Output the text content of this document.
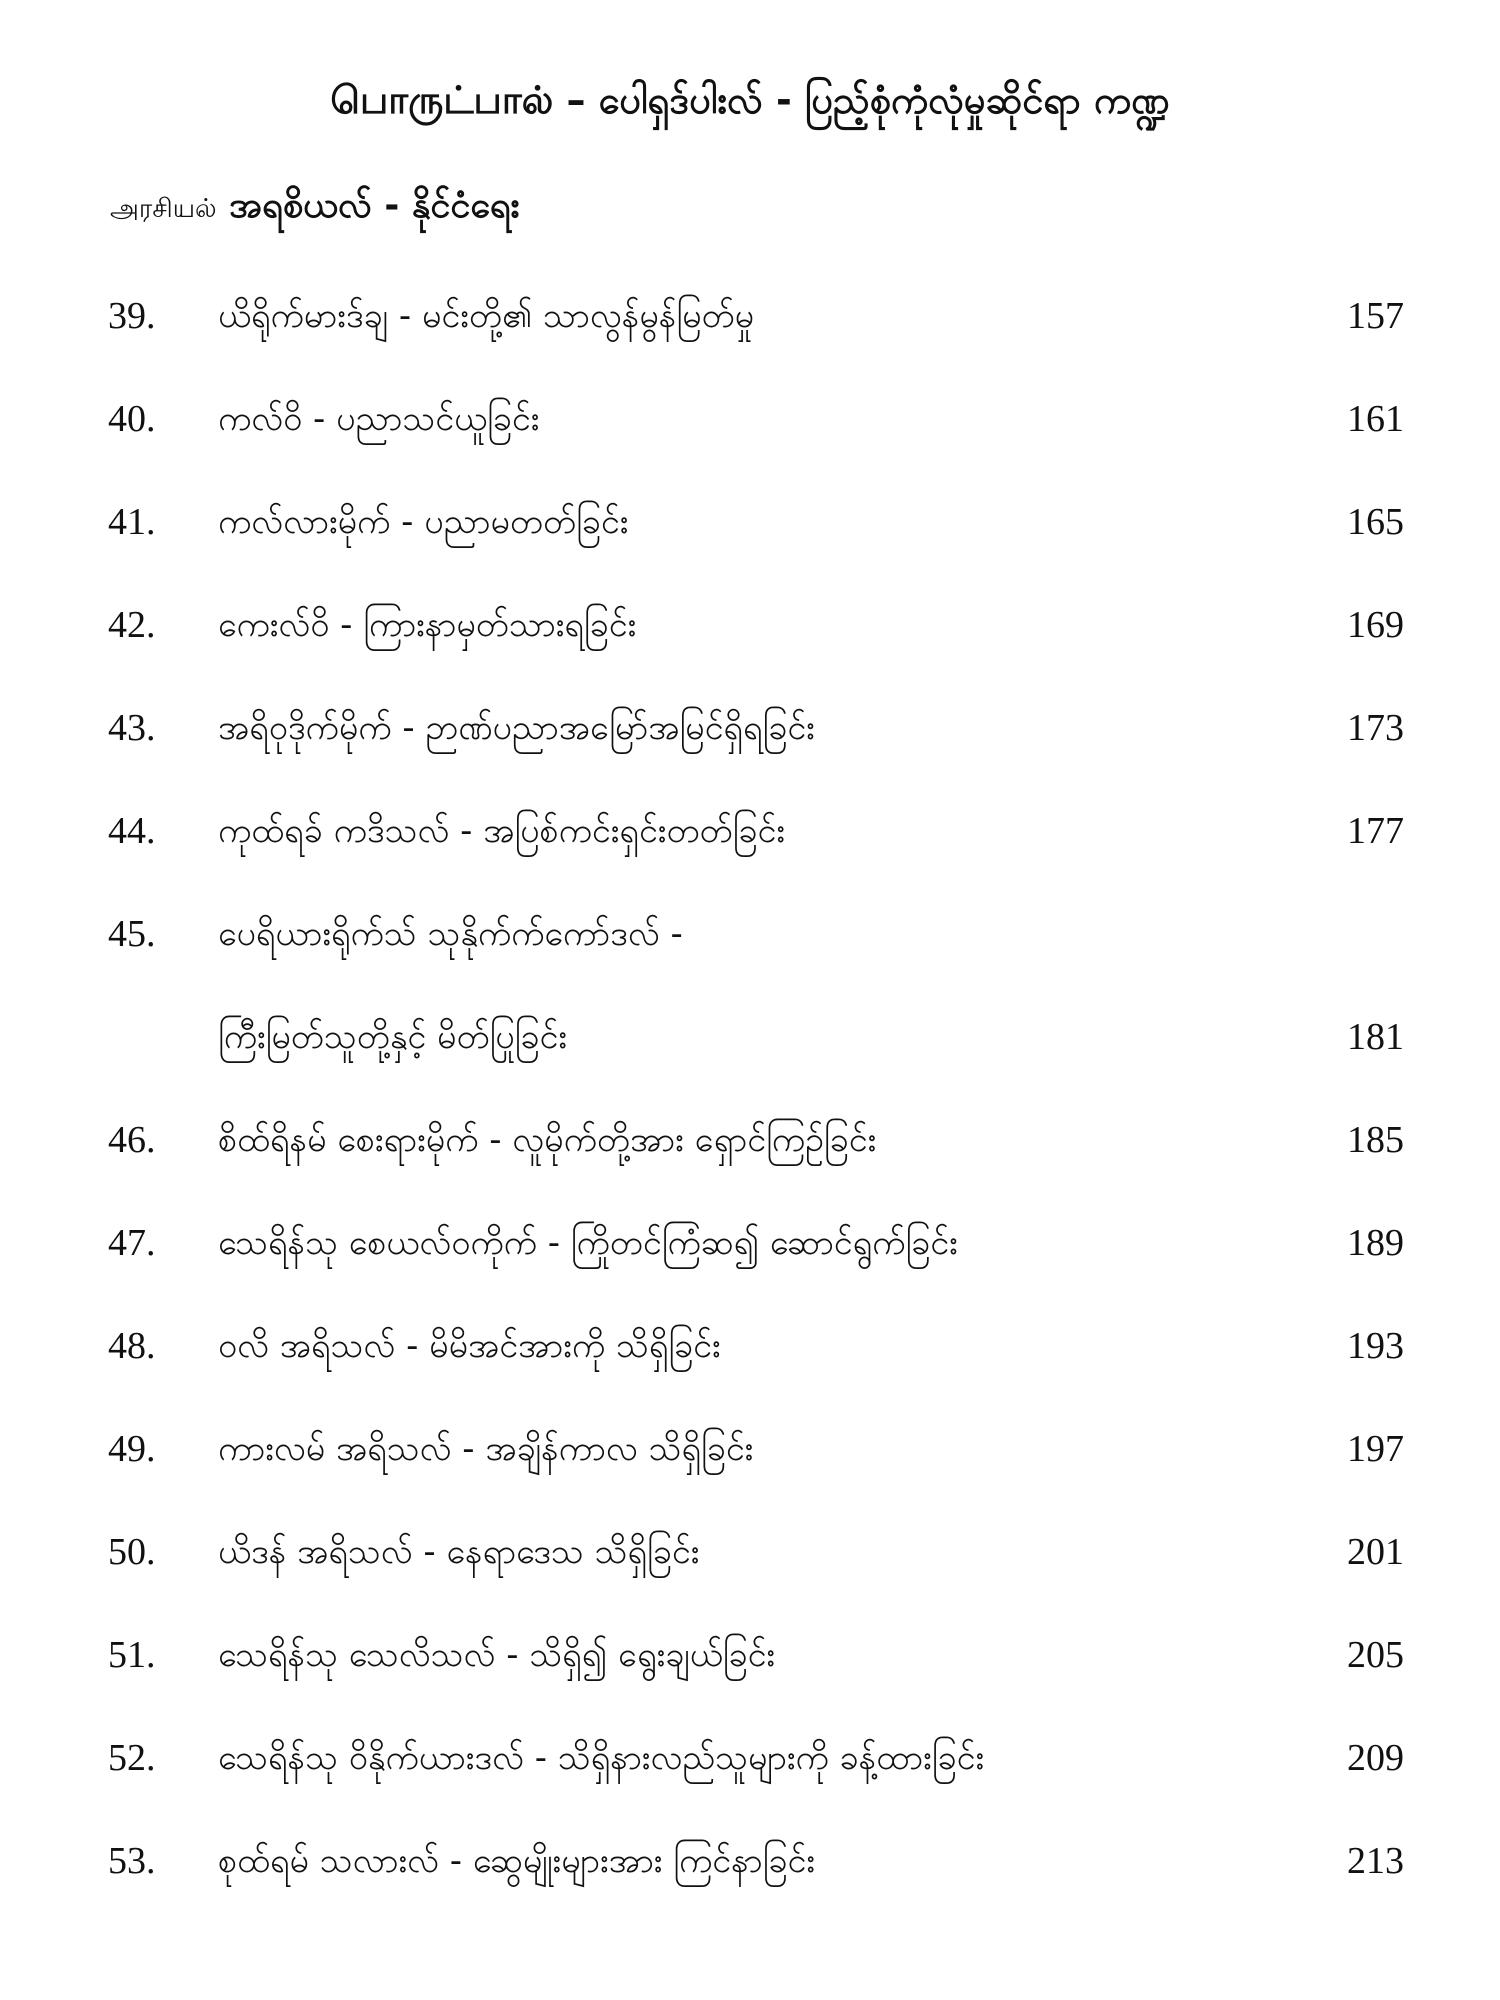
பொருட்பால் – ပေါရှဒ်ပါးလ် - ပြည့်စုံကုံလုံမှုဆိုင်ရာ ကဏ္ဍ
அரசியல் အရစိယလ် - နိုင်ငံရေး
39. ယိရိုက်မားဒ်ချ - မင်းတို့၏ သာလွန်မွန်မြတ်မှု	157
40. ကလ်ဝိ - ပညာသင်ယူခြင်း	161
41. ကလ်လားမိုက် - ပညာမတတ်ခြင်း	165
42. ကေးလ်ဝိ - ကြားနာမှတ်သားရခြင်း	169
43. အရိဝုဒိုက်မိုက် - ဉာဏ်ပညာအမြော်အမြင်ရှိရခြင်း	173
44. ကုထ်ရခ် ကဒိသလ် - အပြစ်ကင်းရှင်းတတ်ခြင်း	177
45. ပေရိယားရိုက်သ် သုနိုက်က်ကော်ဒလ် -
ကြီးမြတ်သူတို့နှင့် မိတ်ပြုခြင်း	181
46. စိထ်ရိနမ် စေးရားမိုက် - လူမိုက်တို့အား ရှောင်ကြဉ်ခြင်း	185
47. သေရိန်သု စေယလ်ဝကိုက် - ကြိုတင်ကြံဆ၍ ဆောင်ရွက်ခြင်း	189
48. ဝလိ အရိသလ် - မိမိအင်အားကို သိရှိခြင်း	193
49. ကားလမ် အရိသလ် - အချိန်ကာလ သိရှိခြင်း	197
50. ယိဒန် အရိသလ် - နေရာဒေသ သိရှိခြင်း	201
51. သေရိန်သု သေလိသလ် - သိရှိ၍ ရွေးချယ်ခြင်း	205
52. သေရိန်သု ဝိနိုက်ယားဒလ် - သိရှိနားလည်သူများကို ခန့်ထားခြင်း	209
53. စုထ်ရမ် သလားလ် - ဆွေမျိုးများအား ကြင်နာခြင်း	213
